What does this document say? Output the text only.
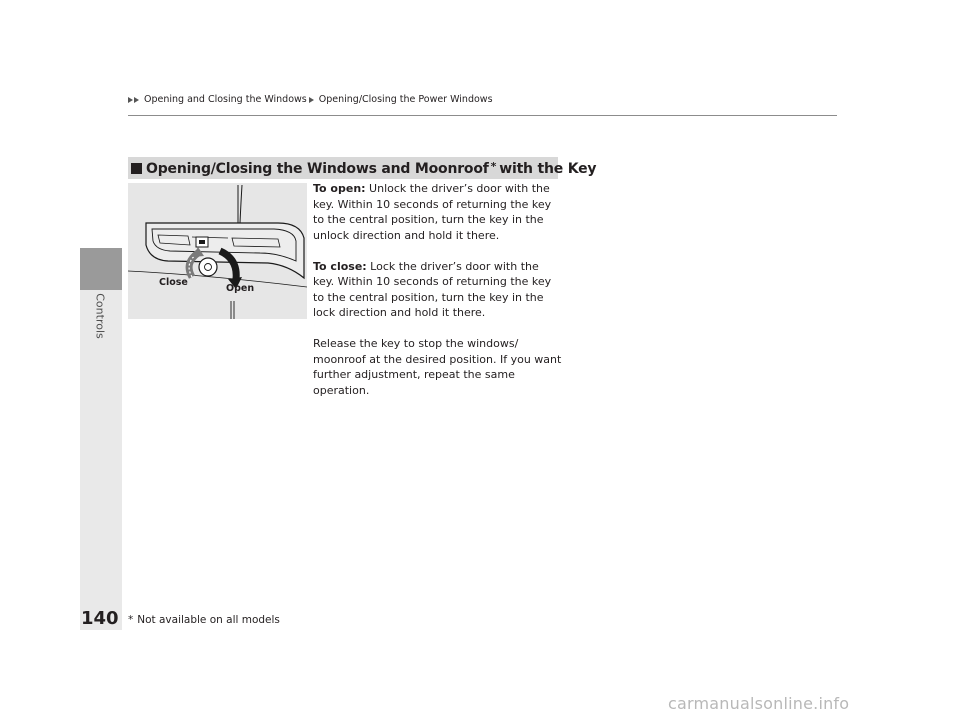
Controls
Opening and Closing the Windows Opening/Closing the Power Windows
Opening/Closing the Windows and Moonroof * with the Key
Close
Open

To open: Unlock the driver’s door with the key. Within 10 seconds of returning the key to the central position, turn the key in the unlock direction and hold it there.

To close: Lock the driver’s door with the key. Within 10 seconds of returning the key to the central position, turn the key in the lock direction and hold it there.

Release the key to stop the windows/ moonroof at the desired position. If you want further adjustment, repeat the same operation.

140 * Not available on all models
carmanualsonline.info
